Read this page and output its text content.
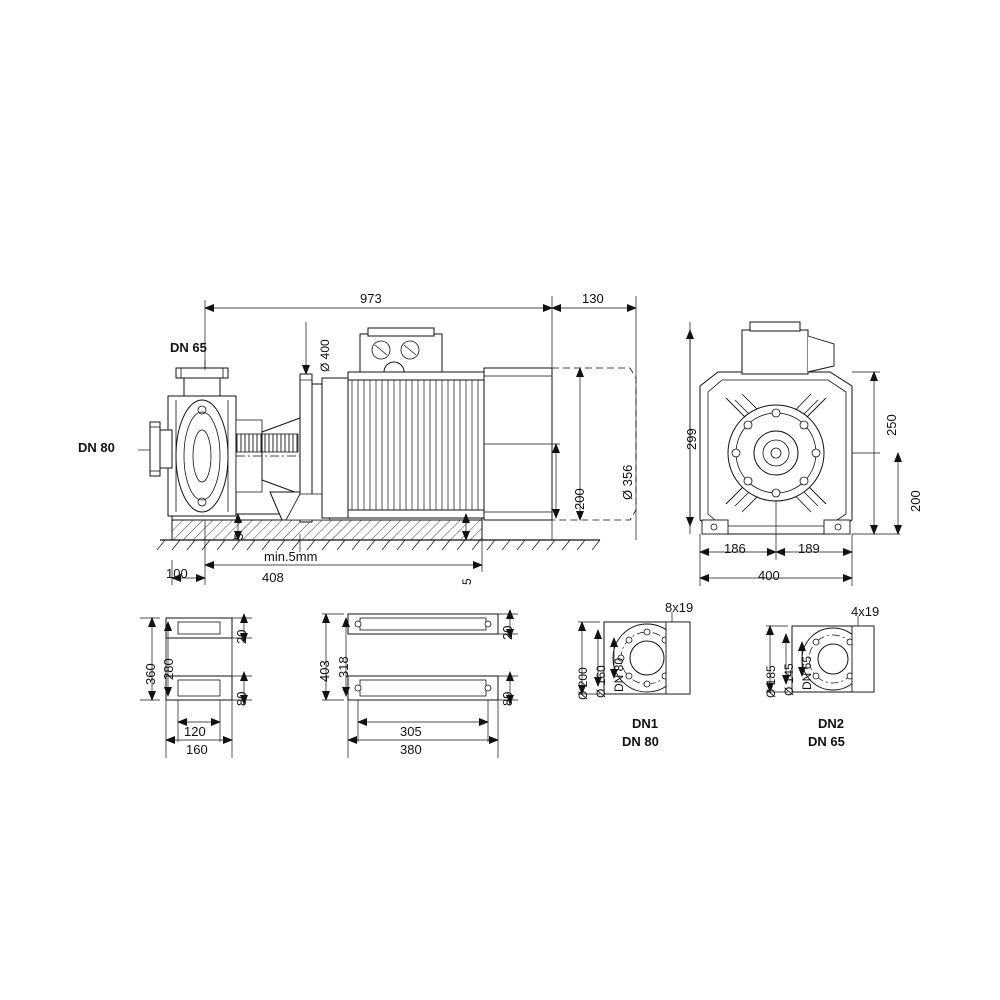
973	130
DN 65
DN 80
Ø 400
Ø 356
200
5
5
min.5mm
100	408
299
250
200
186	189
400
360 280
20
80
120
160
403 318
20
89
305
380
8x19
Ø 200 Ø 160 DN 80
DN1
DN 80
4x19
Ø 185 Ø 145 DN 65
DN2
DN 65
